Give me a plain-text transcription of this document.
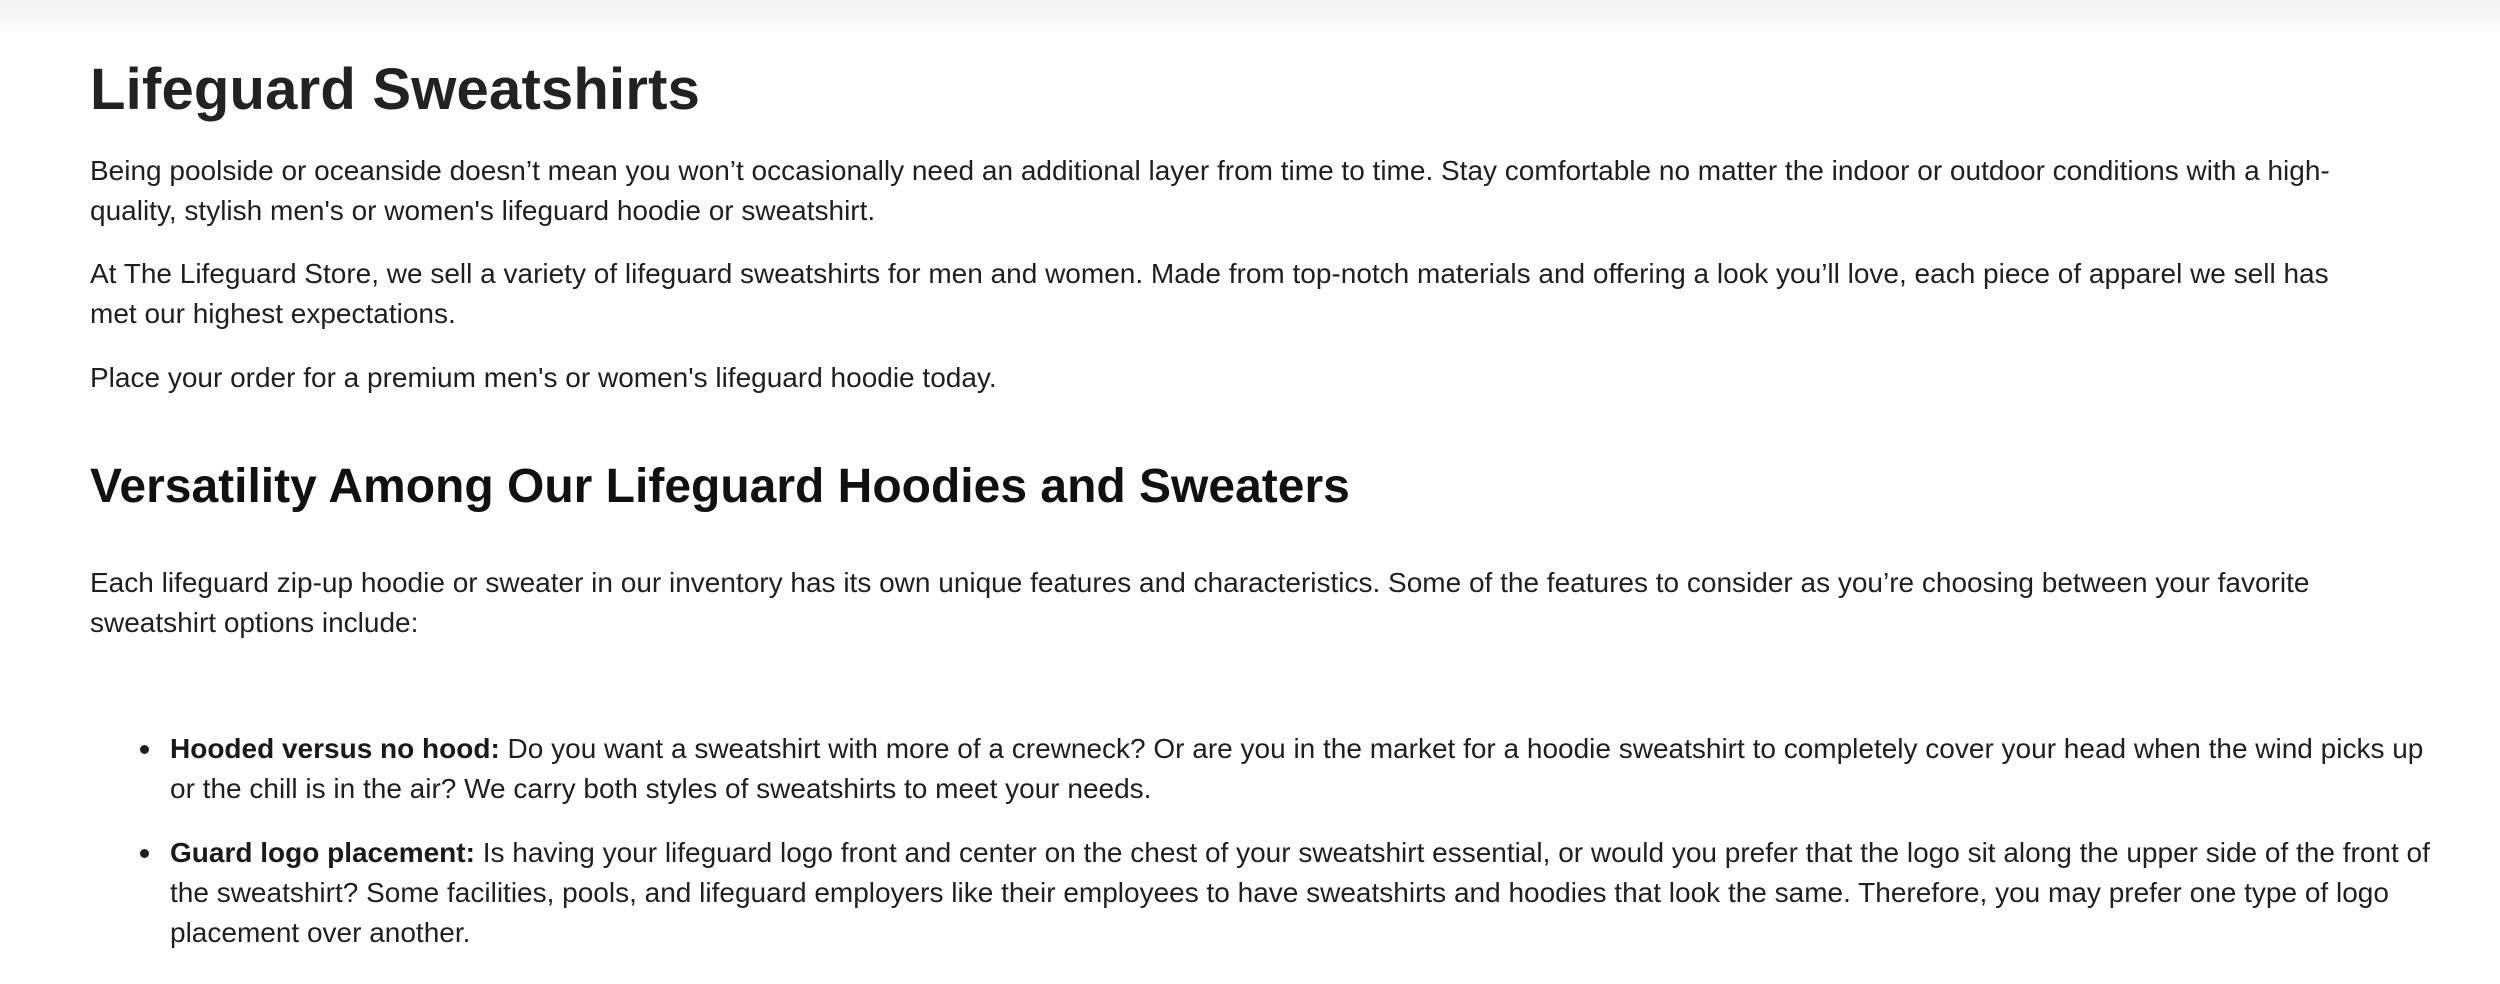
Lifeguard Sweatshirts

Being poolside or oceanside doesn’t mean you won’t occasionally need an additional layer from time to time. Stay comfortable no matter the indoor or outdoor conditions with a high-quality, stylish men's or women's lifeguard hoodie or sweatshirt.

At The Lifeguard Store, we sell a variety of lifeguard sweatshirts for men and women. Made from top-notch materials and offering a look you’ll love, each piece of apparel we sell has met our highest expectations.

Place your order for a premium men's or women's lifeguard hoodie today.

Versatility Among Our Lifeguard Hoodies and Sweaters

Each lifeguard zip-up hoodie or sweater in our inventory has its own unique features and characteristics. Some of the features to consider as you’re choosing between your favorite sweatshirt options include:

Hooded versus no hood: Do you want a sweatshirt with more of a crewneck? Or are you in the market for a hoodie sweatshirt to completely cover your head when the wind picks up or the chill is in the air? We carry both styles of sweatshirts to meet your needs.
Guard logo placement: Is having your lifeguard logo front and center on the chest of your sweatshirt essential, or would you prefer that the logo sit along the upper side of the front of the sweatshirt? Some facilities, pools, and lifeguard employers like their employees to have sweatshirts and hoodies that look the same. Therefore, you may prefer one type of logo placement over another.
